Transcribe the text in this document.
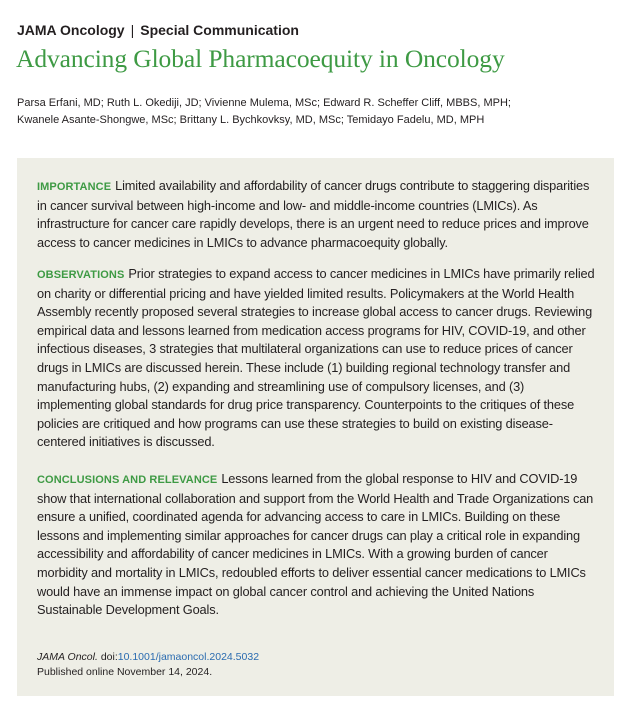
JAMA Oncology | Special Communication
Advancing Global Pharmacoequity in Oncology
Parsa Erfani, MD; Ruth L. Okediji, JD; Vivienne Mulema, MSc; Edward R. Scheffer Cliff, MBBS, MPH;
Kwanele Asante-Shongwe, MSc; Brittany L. Bychkovksy, MD, MSc; Temidayo Fadelu, MD, MPH
IMPORTANCE Limited availability and affordability of cancer drugs contribute to staggering disparities in cancer survival between high-income and low- and middle-income countries (LMICs). As infrastructure for cancer care rapidly develops, there is an urgent need to reduce prices and improve access to cancer medicines in LMICs to advance pharmacoequity globally.
OBSERVATIONS Prior strategies to expand access to cancer medicines in LMICs have primarily relied on charity or differential pricing and have yielded limited results. Policymakers at the World Health Assembly recently proposed several strategies to increase global access to cancer drugs. Reviewing empirical data and lessons learned from medication access programs for HIV, COVID-19, and other infectious diseases, 3 strategies that multilateral organizations can use to reduce prices of cancer drugs in LMICs are discussed herein. These include (1) building regional technology transfer and manufacturing hubs, (2) expanding and streamlining use of compulsory licenses, and (3) implementing global standards for drug price transparency. Counterpoints to the critiques of these policies are critiqued and how programs can use these strategies to build on existing disease-centered initiatives is discussed.
CONCLUSIONS AND RELEVANCE Lessons learned from the global response to HIV and COVID-19 show that international collaboration and support from the World Health and Trade Organizations can ensure a unified, coordinated agenda for advancing access to care in LMICs. Building on these lessons and implementing similar approaches for cancer drugs can play a critical role in expanding accessibility and affordability of cancer medicines in LMICs. With a growing burden of cancer morbidity and mortality in LMICs, redoubled efforts to deliver essential cancer medications to LMICs would have an immense impact on global cancer control and achieving the United Nations Sustainable Development Goals.
JAMA Oncol. doi:10.1001/jamaoncol.2024.5032
Published online November 14, 2024.
